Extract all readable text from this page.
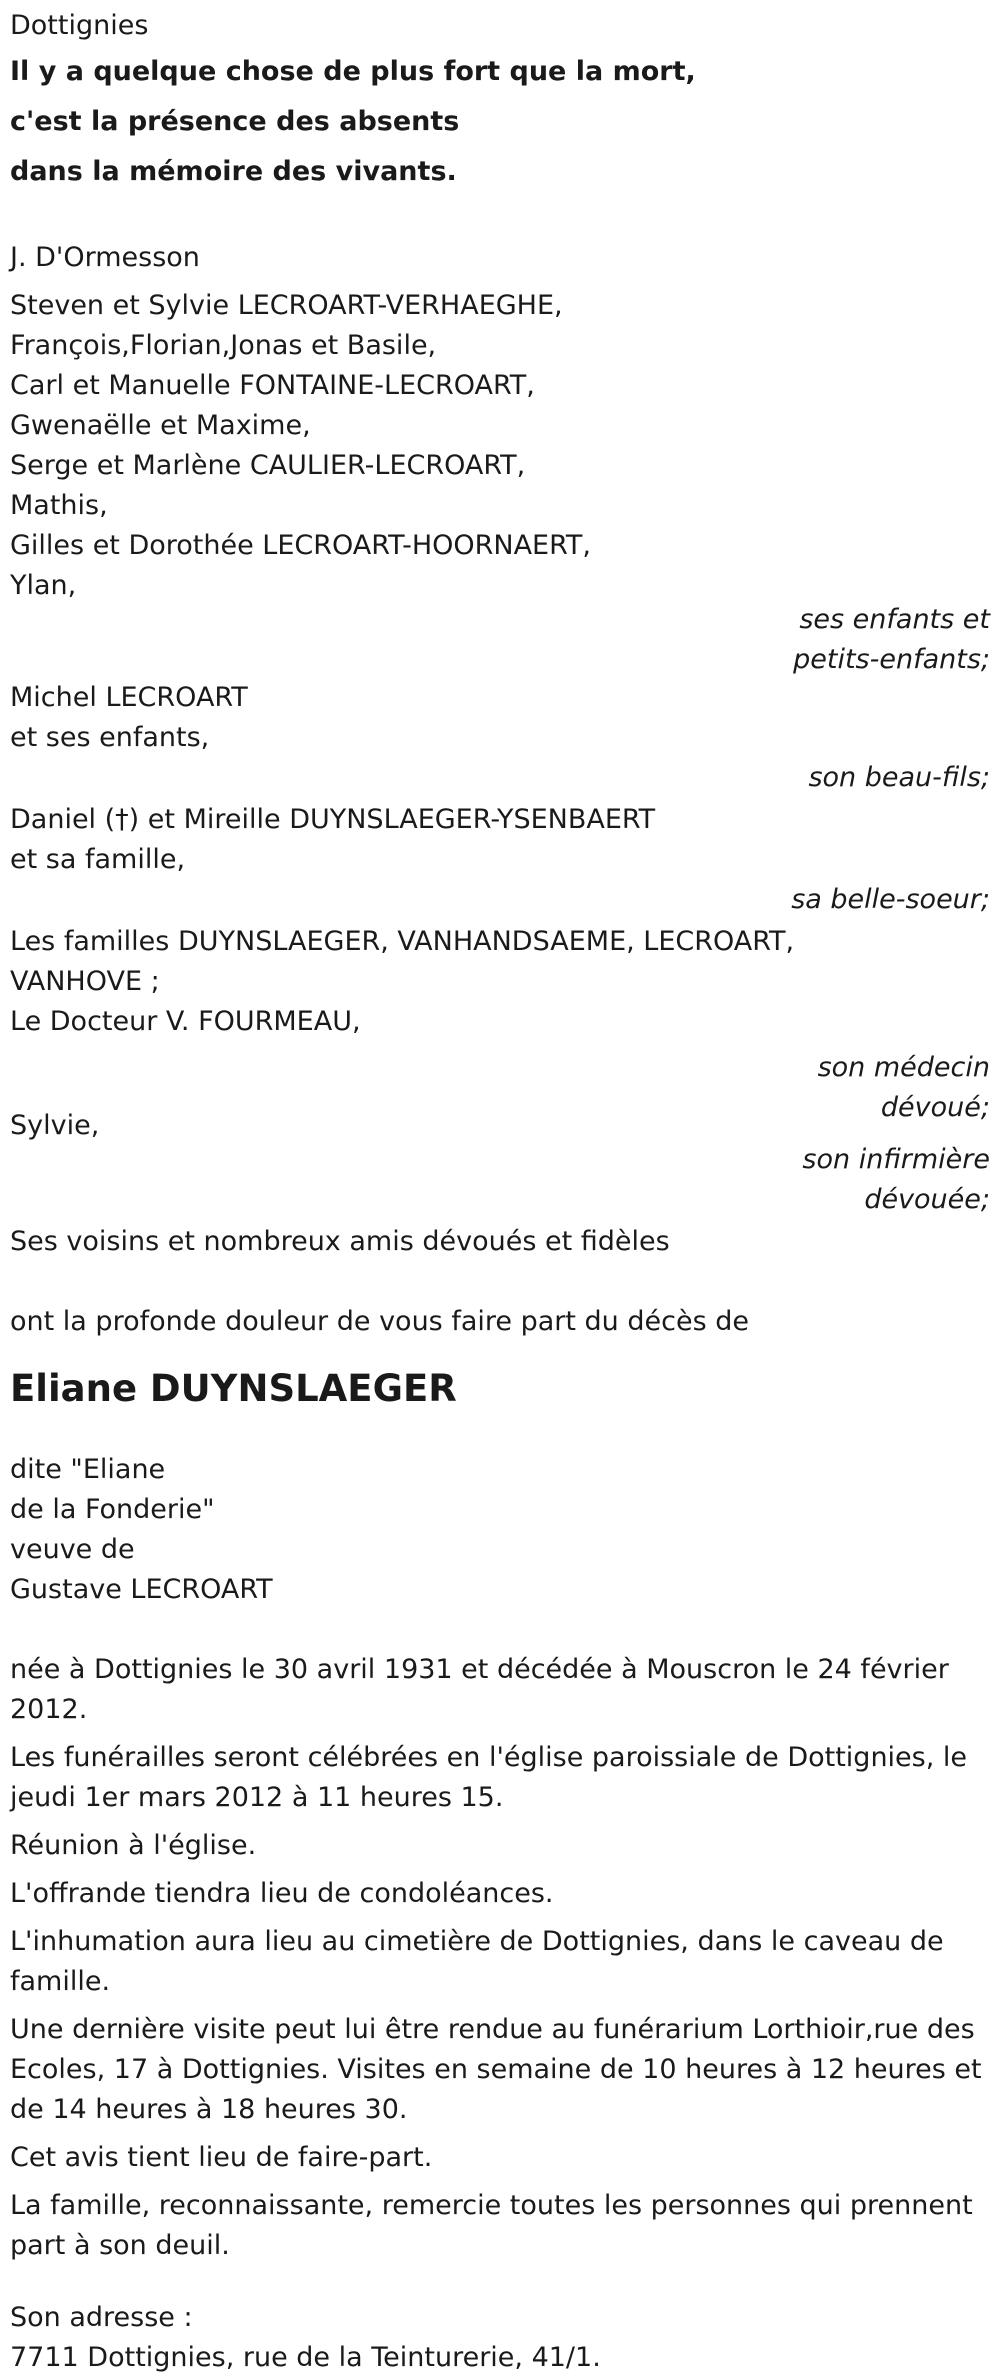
Dottignies
Il y a quelque chose de plus fort que la mort,
c'est la présence des absents
dans la mémoire des vivants.
J. D'Ormesson
Steven et Sylvie LECROART-VERHAEGHE,
François,Florian,Jonas et Basile,
Carl et Manuelle FONTAINE-LECROART,
Gwenaëlle et Maxime,
Serge et Marlène CAULIER-LECROART,
Mathis,
Gilles et Dorothée LECROART-HOORNAERT,
Ylan,
ses enfants et
petits-enfants;
Michel LECROART
et ses enfants,
son beau-fils;
Daniel (†) et Mireille DUYNSLAEGER-YSENBAERT
et sa famille,
sa belle-soeur;
Les familles DUYNSLAEGER, VANHANDSAEME, LECROART,
VANHOVE ;
Le Docteur V. FOURMEAU,
son médecin
dévoué;
Sylvie,
son infirmière
dévouée;
Ses voisins et nombreux amis dévoués et fidèles
ont la profonde douleur de vous faire part du décès de
Eliane DUYNSLAEGER
dite "Eliane
de la Fonderie"
veuve de
Gustave LECROART
née à Dottignies le 30 avril 1931 et décédée à Mouscron le 24 février 2012.
Les funérailles seront célébrées en l'église paroissiale de Dottignies, le jeudi 1er mars 2012 à 11 heures 15.
Réunion à l'église.
L'offrande tiendra lieu de condoléances.
L'inhumation aura lieu au cimetière de Dottignies, dans le caveau de famille.
Une dernière visite peut lui être rendue au funérarium Lorthioir,rue des Ecoles, 17 à Dottignies. Visites en semaine de 10 heures à 12 heures et de 14 heures à 18 heures 30.
Cet avis tient lieu de faire-part.
La famille, reconnaissante, remercie toutes les personnes qui prennent part à son deuil.
Son adresse :
7711 Dottignies, rue de la Teinturerie, 41/1.
